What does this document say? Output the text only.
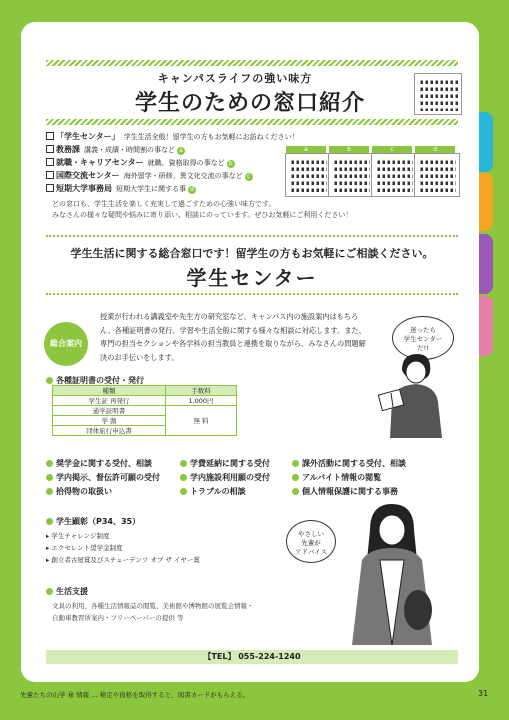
キャンパスライフの強い味方
学生のための窓口紹介
「学生センター」 学生生活全般！留学生の方もお気軽にお訪ねください！
教務課 講義・成績・時間割の事など a
就職・キャリアセンター 就職、資格取得の事など b
国際交流センター 海外留学・研修、異文化交流の事など c
短期大学事務局 短期大学生に関する事 d
どの窓口も、学生生活を楽しく充実して過ごすための心強い味方です。
みなさんの様々な疑問や悩みに寄り添い、相談にのっています。ぜひお気軽にご利用ください！
a	b	c	d
学生生活に関する総合窓口です！留学生の方もお気軽にご相談ください。
学生センター
総合案内
授業が行われる講義室や先生方の研究室など、キャンパス内の施設案内はもちろん、各種証明書の発行、学習や生活全般に関する様々な相談に対応します。また、専門の担当セクションや各学科の担当教員と連携を取りながら、みなさんの問題解決のお手伝いをします。
迷ったら
学生センター
だ!!
各種証明書の受付・発行
種類	手数料
学生証 再発行	1,000円
通学証明書	無 料
学 割	
団体旅行申込書	
奨学金に関する受付、相談	学費延納に関する受付	課外活動に関する受付、相談
学内掲示、督伝許可願の受付	学内施設利用願の受付	アルバイト情報の閲覧
拾得物の取扱い	トラブルの相談	個人情報保護に関する事務
学生顕彰（P34、35）
▸ 学生チャレンジ制度
▸ エクセレント奨学金制度
▸ 創立者古屋賞及びスチューデンツ オブ ザ イヤー賞
やさしい
先輩が
アドバイス
生活支援
文具の利用、各種生活情報誌の閲覧、美術館や博物館の展覧会情報・
自動車教習所案内・フリーペーパーの提供 等
【TEL】 055-224-1240
先輩たちの山学 ㊙ 情報 … 検定や資格を取得すると、図書カードがもらえる。	31
